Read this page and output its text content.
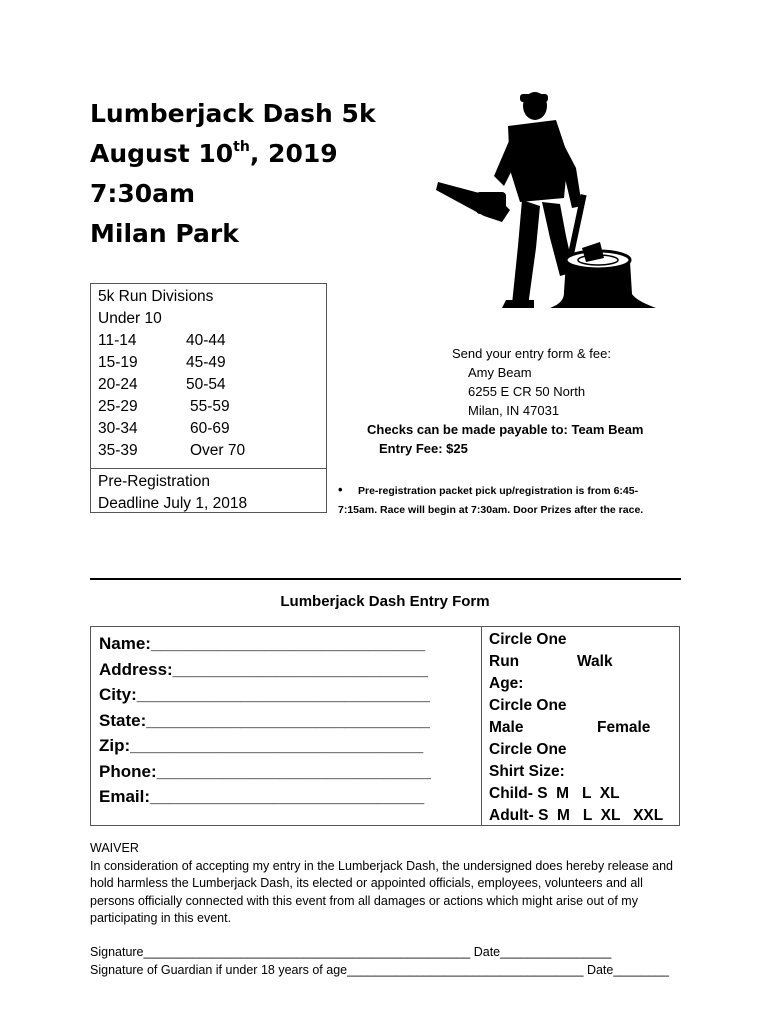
Lumberjack Dash 5k
August 10th, 2019
7:30am
Milan Park
5k Run Divisions
Under 10
11-14	40-44
15-19	45-49
20-24	50-54
25-29	55-59
30-34	60-69
35-39	Over 70
Pre-Registration
Deadline July 1, 2018
Send your entry form & fee:
Amy Beam
6255 E CR 50 North
Milan, IN 47031
Checks can be made payable to: Team Beam
Entry Fee: $25
• Pre-registration packet pick up/registration is from 6:45-7:15am. Race will begin at 7:30am. Door Prizes after the race.
Lumberjack Dash Entry Form
Name:_____________________________
Address:___________________________
City:_______________________________
State:______________________________
Zip:_______________________________
Phone:_____________________________
Email:_____________________________
Circle One
Run	Walk
Age:
Circle One
Male	Female
Circle One
Shirt Size:
Child- S  M   L  XL
Adult- S  M   L  XL   XXL
WAIVER
In consideration of accepting my entry in the Lumberjack Dash, the undersigned does hereby release and hold harmless the Lumberjack Dash, its elected or appointed officials, employees, volunteers and all persons officially connected with this event from all damages or actions which might arise out of my participating in this event.
Signature_______________________________________________ Date________________
Signature of Guardian if under 18 years of age__________________________________ Date________
